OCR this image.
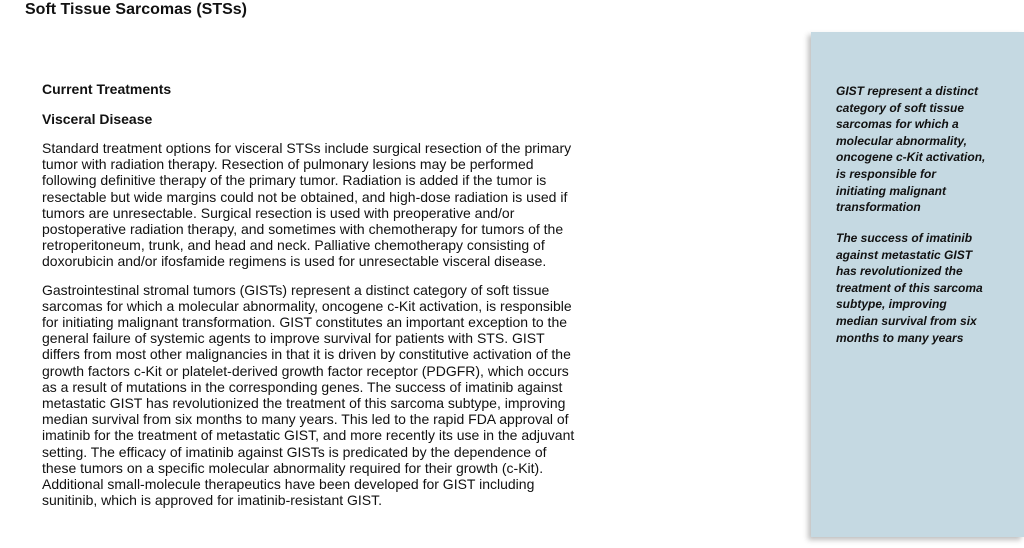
Soft Tissue Sarcomas (STSs)
Current Treatments
Visceral Disease

Standard treatment options for visceral STSs include surgical resection of the primary
tumor with radiation therapy. Resection of pulmonary lesions may be performed
following definitive therapy of the primary tumor. Radiation is added if the tumor is
resectable but wide margins could not be obtained, and high-dose radiation is used if
tumors are unresectable. Surgical resection is used with preoperative and/or
postoperative radiation therapy, and sometimes with chemotherapy for tumors of the
retroperitoneum, trunk, and head and neck. Palliative chemotherapy consisting of
doxorubicin and/or ifosfamide regimens is used for unresectable visceral disease.

Gastrointestinal stromal tumors (GISTs) represent a distinct category of soft tissue
sarcomas for which a molecular abnormality, oncogene c-Kit activation, is responsible
for initiating malignant transformation. GIST constitutes an important exception to the
general failure of systemic agents to improve survival for patients with STS. GIST
differs from most other malignancies in that it is driven by constitutive activation of the
growth factors c-Kit or platelet-derived growth factor receptor (PDGFR), which occurs
as a result of mutations in the corresponding genes. The success of imatinib against
metastatic GIST has revolutionized the treatment of this sarcoma subtype, improving
median survival from six months to many years. This led to the rapid FDA approval of
imatinib for the treatment of metastatic GIST, and more recently its use in the adjuvant
setting. The efficacy of imatinib against GISTs is predicated by the dependence of
these tumors on a specific molecular abnormality required for their growth (c-Kit).
Additional small-molecule therapeutics have been developed for GIST including
sunitinib, which is approved for imatinib-resistant GIST.

GIST represent a distinct
category of soft tissue
sarcomas for which a
molecular abnormality,
oncogene c-Kit activation,
is responsible for
initiating malignant
transformation

The success of imatinib
against metastatic GIST
has revolutionized the
treatment of this sarcoma
subtype, improving
median survival from six
months to many years
